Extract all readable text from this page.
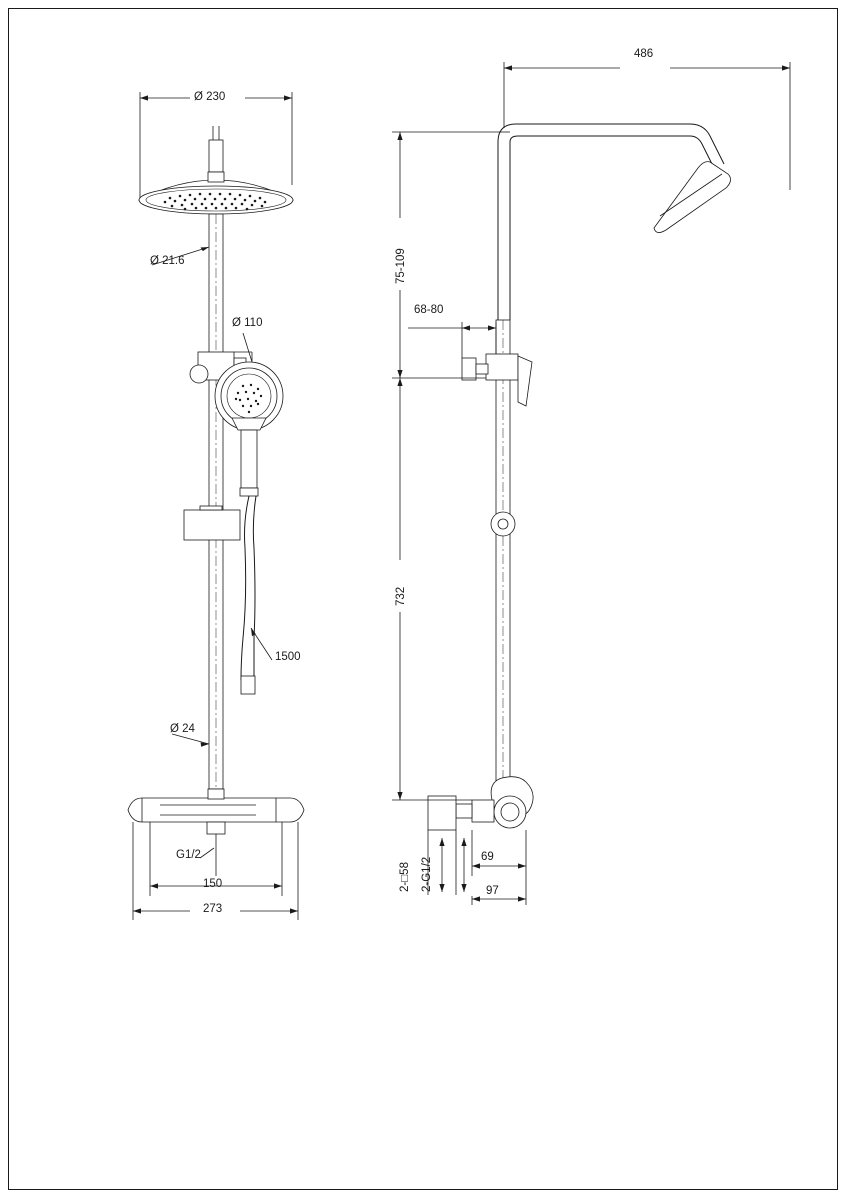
Ø 230
Ø 21.6
Ø 110
1500
Ø 24
G1/2
150
273
486
75-109
68-80
732
2-□58 2-G1/2	69
97
